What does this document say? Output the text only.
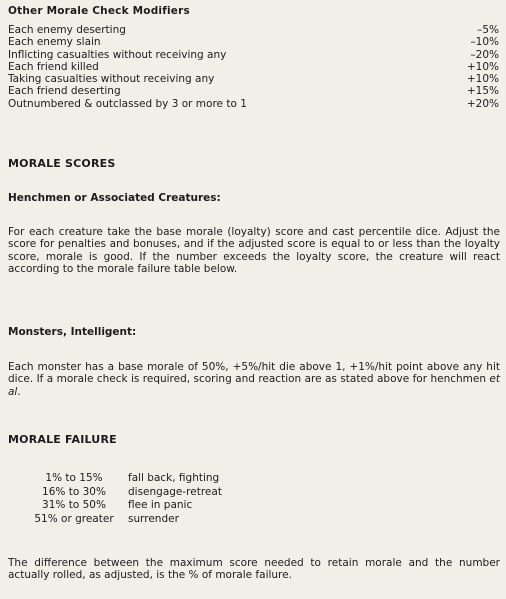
Other Morale Check Modifiers
Each enemy deserting	–5%
Each enemy slain	–10%
Inflicting casualties without receiving any	–20%
Each friend killed	+10%
Taking casualties without receiving any	+10%
Each friend deserting	+15%
Outnumbered & outclassed by 3 or more to 1	+20%
MORALE SCORES
Henchmen or Associated Creatures:

For each creature take the base morale (loyalty) score and cast percentile dice. Adjust the score for penalties and bonuses, and if the adjusted score is equal to or less than the loyalty score, morale is good. If the number exceeds the loyalty score, the creature will react according to the morale failure table below.

Monsters, Intelligent:

Each monster has a base morale of 50%, +5%/hit die above 1, +1%/hit point above any hit dice. If a morale check is required, scoring and reaction are as stated above for henchmen et al.

MORALE FAILURE
1% to 15%	fall back, fighting
16% to 30%	disengage-retreat
31% to 50%	flee in panic
51% or greater	surrender

The difference between the maximum score needed to retain morale and the number actually rolled, as adjusted, is the % of morale failure.
